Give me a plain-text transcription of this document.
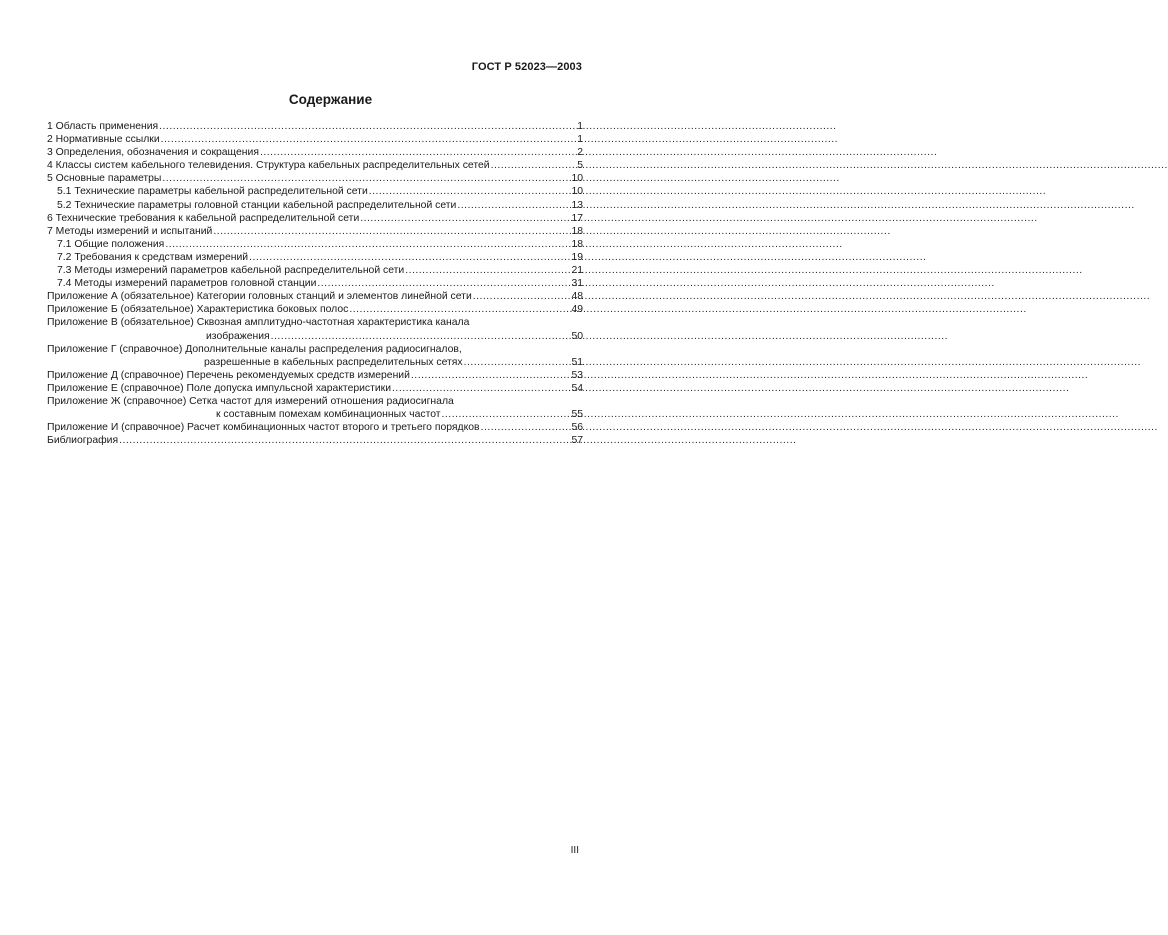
ГОСТ Р 52023—2003
Содержание
1 Область применения .....	1
2 Нормативные ссылки .....	1
3 Определения, обозначения и сокращения .....	2
4 Классы систем кабельного телевидения. Структура кабельных распределительных сетей .....	5
5 Основные параметры .....	10
5.1 Технические параметры кабельной распределительной сети .....	10
5.2 Технические параметры головной станции кабельной распределительной сети .....	13
6 Технические требования к кабельной распределительной сети .....	17
7 Методы измерений и испытаний .....	18
7.1 Общие положения .....	18
7.2 Требования к средствам измерений .....	19
7.3 Методы измерений параметров кабельной распределительной сети .....	21
7.4 Методы измерений параметров головной станции .....	31
Приложение А (обязательное) Категории головных станций и элементов линейной сети .....	48
Приложение Б (обязательное) Характеристика боковых полос .....	49
Приложение В (обязательное) Сквозная амплитудно-частотная характеристика канала
изображения .....	50
Приложение Г (справочное) Дополнительные каналы распределения радиосигналов,
разрешенные в кабельных распределительных сетях .....	51
Приложение Д (справочное) Перечень рекомендуемых средств измерений .....	53
Приложение Е (справочное) Поле допуска импульсной характеристики .....	54
Приложение Ж (справочное) Сетка частот для измерений отношения радиосигнала
к составным помехам комбинационных частот .....	55
Приложение И (справочное) Расчет комбинационных частот второго и третьего порядков .....	56
Библиография .....	57
III
